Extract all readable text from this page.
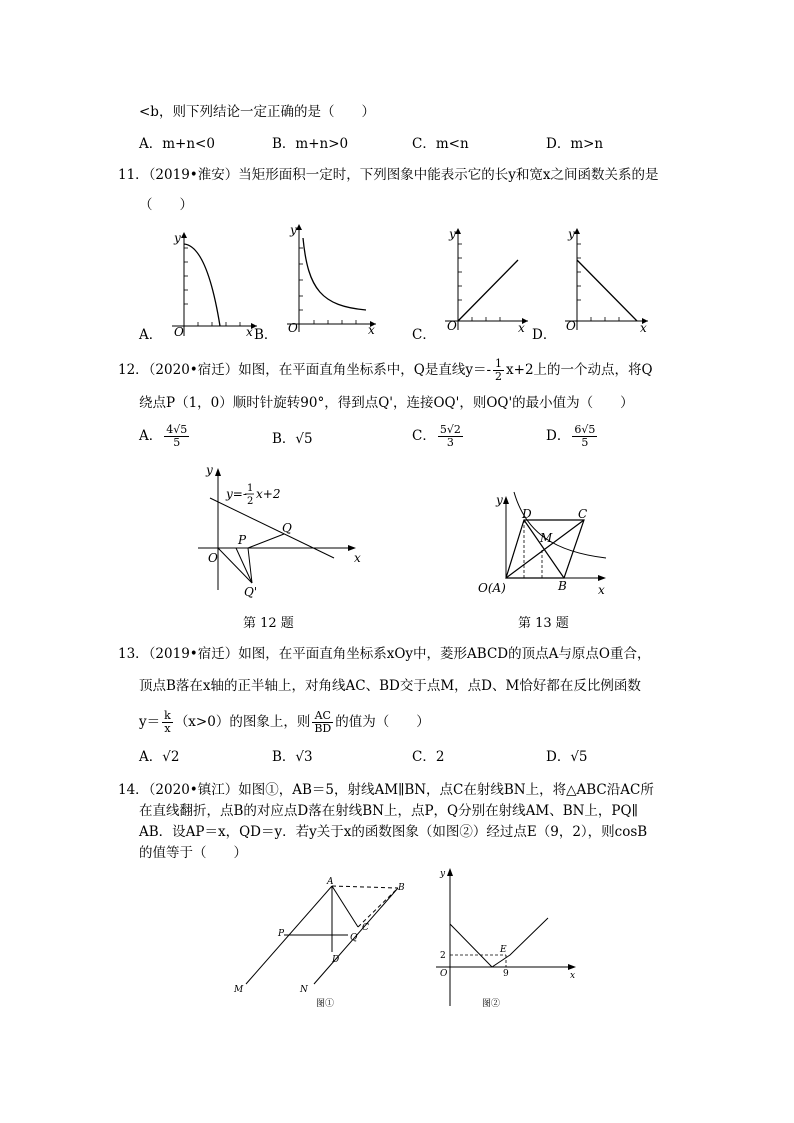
<b，则下列结论一定正确的是（　　）
A．m+n<0	B．m+n>0	C．m<n	D．m>n
11．（2019•淮安）当矩形面积一定时，下列图象中能表示它的长y和宽x之间函数关系的是
（　　）
y
x
O
A．
y
x
O
B．
y
x
O
C．
y
x
O
D．
12．（2020•宿迁）如图，在平面直角坐标系中，Q是直线$y=- \frac{1}{2} x+2$上的一个动点，将Q
绕点P（1，0）顺时针旋转90°，得到点Q'，连接OQ'，则OQ'的最小值为（　　）
A． $\frac{4√5}{5}$	B．√5	C． $\frac{5√2}{3}$	D． $\frac{6√5}{5}$
y
x
O
P
Q
Q'
y=- 1
2
x+2
第 12 题
y
x
O(A)	B
C
D
M
第 13 题
13．（2019•宿迁）如图，在平面直角坐标系xOy中，菱形ABCD的顶点A与原点O重合，
顶点B落在x轴的正半轴上，对角线AC、BD交于点M，点D、M恰好都在反比例函数
$y= \frac{k}{x} (x>0)$的图象上，则 $\frac{AC}{BD}$ 的值为（　　）
A．√2	B．√3	C．2	D．√5
14．（2020•镇江）如图①，AB＝5，射线AM∥BN，点C在射线BN上，将△ABC沿AC所
在直线翻折，点B的对应点D落在射线BN上，点P，Q分别在射线AM、BN上，PQ∥
AB．设AP＝x，QD＝y．若y关于x的函数图象（如图②）经过点E（9，2），则cosB
的值等于（　　）
A
B
C
D
P	Q
M	N
图①
y
x
O
E
2
9
图②
